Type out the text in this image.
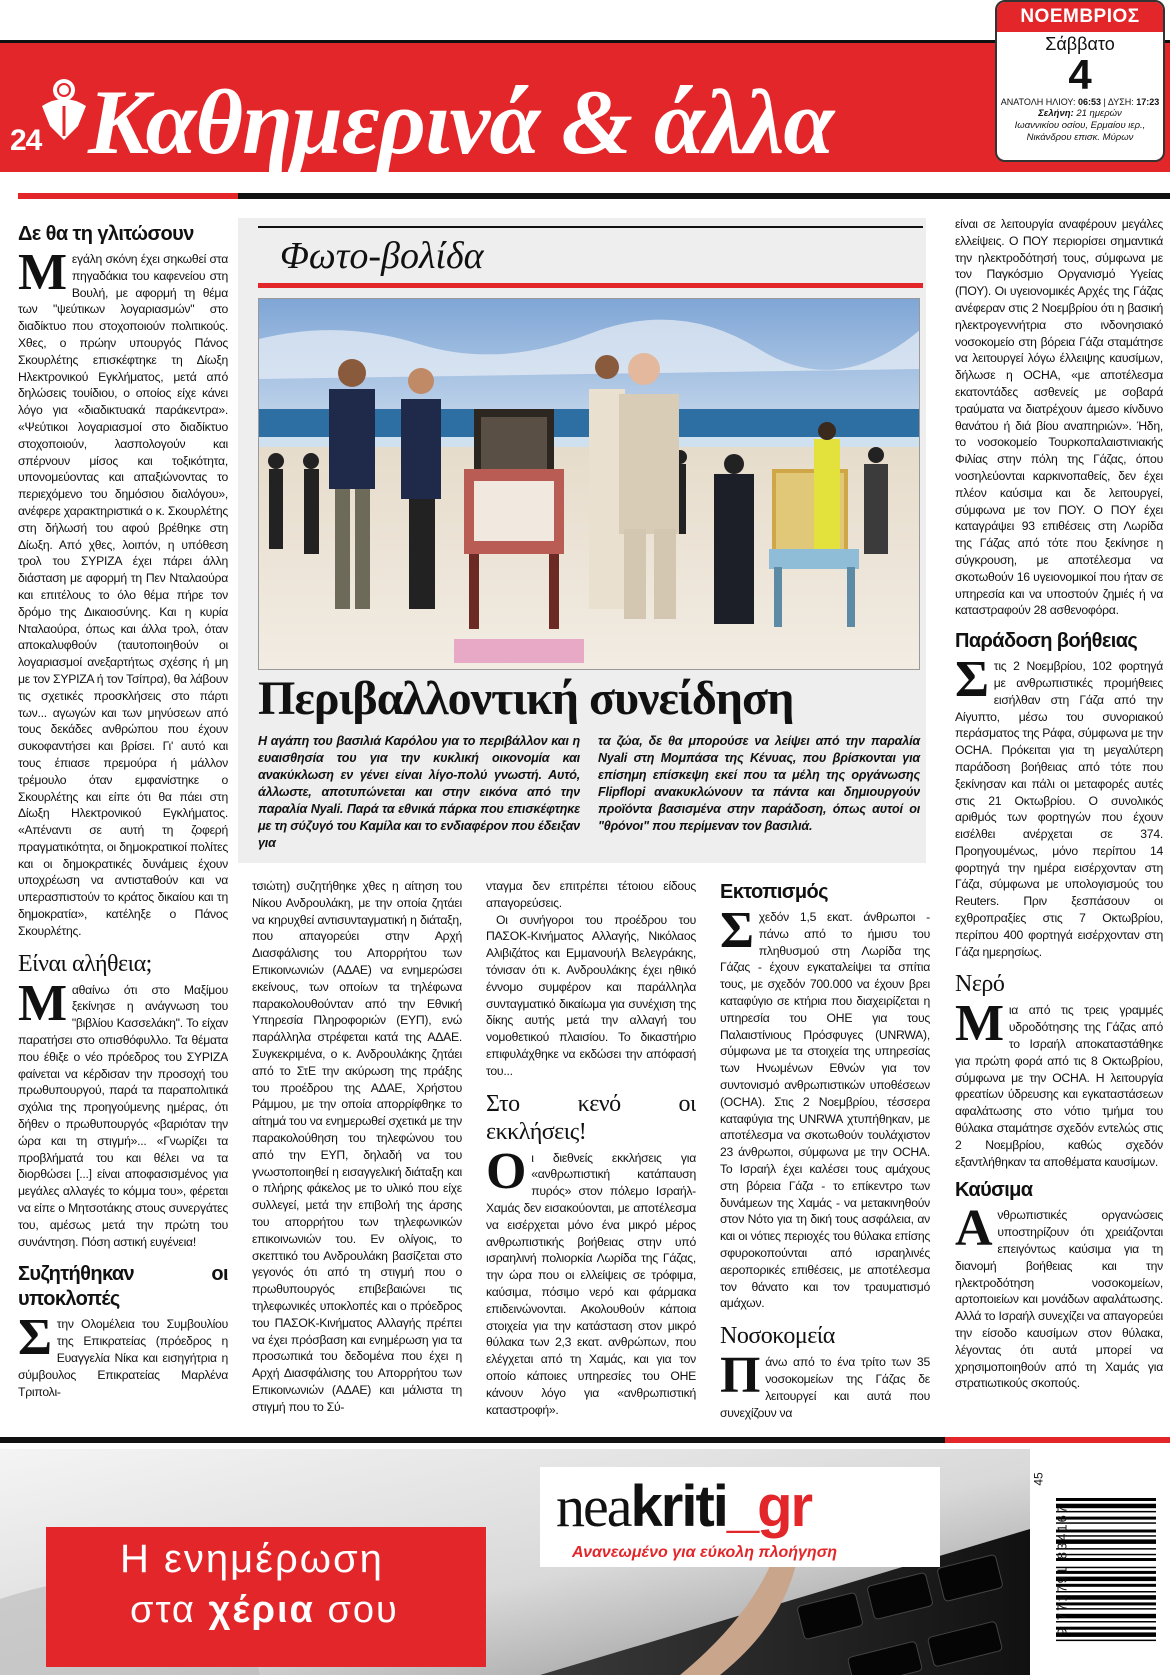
24 Καθημερινά & άλλα
ΝΟΕΜΒΡΙΟΣ
Σάββατο
4
ΑΝΑΤΟΛΗ ΗΛΙΟΥ: 06:53 | ΔΥΣΗ: 17:23
Σελήνη: 21 ημερών
Ιωαννικίου οσίου, Ερμαίου ιερ., Νικάνδρου επισκ. Μύρων
Δε θα τη γλιτώσουν

Μεγάλη σκόνη έχει σηκωθεί στα πηγαδάκια του καφενείου στη Βουλή, με αφορμή τη θέμα των "ψεύτικων λογαριασμών" στο διαδίκτυο που στοχοποιούν πολιτικούς. Χθες, ο πρώην υπουργός Πάνος Σκουρλέτης επισκέφτηκε τη Δίωξη Ηλεκτρονικού Εγκλήματος, μετά από δηλώσεις τουίδιου, ο οποίος είχε κάνει λόγο για «διαδικτυακά παράκεντρα». «Ψεύτικοι λογαριασμοί στο διαδίκτυο στοχοποιούν, λασπολογούν και σπέρνουν μίσος και τοξικότητα, υπονομεύοντας και απαξιώνοντας το περιεχόμενο του δημόσιου διαλόγου», ανέφερε χαρακτηριστικά ο κ. Σκουρλέτης στη δήλωσή του αφού βρέθηκε στη Δίωξη. Από χθες, λοιπόν, η υπόθεση τρολ του ΣΥΡΙΖΑ έχει πάρει άλλη διάσταση με αφορμή τη Πεν Νταλαούρα και επιτέλους το όλο θέμα πήρε τον δρόμο της Δικαιοσύνης. Και η κυρία Νταλαούρα, όπως και άλλα τρολ, όταν αποκαλυφθούν (ταυτοποιηθούν οι λογαριασμοί ανεξαρτήτως σχέσης ή μη με τον ΣΥΡΙΖΑ ή τον Τσίπρα), θα λάβουν τις σχετικές προσκλήσεις στο πάρτι των... αγωγών και των μηνύσεων από τους δεκάδες ανθρώπου που έχουν συκοφαντήσει και βρίσει. Γι' αυτό και τους έπιασε πρεμούρα ή μάλλον τρέμουλο όταν εμφανίστηκε ο Σκουρλέτης και είπε ότι θα πάει στη Δίωξη Ηλεκτρονικού Εγκλήματος. «Απέναντι σε αυτή τη ζοφερή πραγματικότητα, οι δημοκρατικοί πολίτες και οι δημοκρατικές δυνάμεις έχουν υποχρέωση να αντισταθούν και να υπερασπιστούν το κράτος δικαίου και τη δημοκρατία», κατέληξε ο Πάνος Σκουρλέτης.

Είναι αλήθεια;

Μαθαίνω ότι στο Μαξίμου ξεκίνησε η ανάγνωση του "βιβλίου Κασσελάκη". Το είχαν παρατήσει στο οπισθόφυλλο. Τα θέματα που έθιξε ο νέο πρόεδρος του ΣΥΡΙΖΑ φαίνεται να κέρδισαν την προσοχή του πρωθυπουργού, παρά τα παραπολιτικά σχόλια της προηγούμενης ημέρας, ότι δήθεν ο πρωθυπουργός «βαριόταν την ώρα και τη στιγμή»... «Γνωρίζει τα προβλήματά του και θέλει να τα διορθώσει [...] είναι αποφασισμένος για μεγάλες αλλαγές το κόμμα του», φέρεται να είπε ο Μητσοτάκης στους συνεργάτες του, αμέσως μετά την πρώτη του συνάντηση. Πόση αστική ευγένεια!

Συζητήθηκαν οι υποκλοπές

Στην Ολομέλεια του Συμβουλίου της Επικρατείας (πρόεδρος η Ευαγγελία Νίκα και εισηγήτρια η σύμβουλος Επικρατείας Μαρλένα Τριπολι-

Φωτο-βολίδα
Περιβαλλοντική συνείδηση
Η αγάπη του βασιλιά Καρόλου για το περιβάλλον και η ευαισθησία του για την κυκλική οικονομία και ανακύκλωση εν γένει είναι λίγο-πολύ γνωστή. Αυτό, άλλωστε, αποτυπώνεται και στην εικόνα από την παραλία Nyali. Παρά τα εθνικά πάρκα που επισκέφτηκε με τη σύζυγό του Καμίλα και το ενδιαφέρον που έδειξαν για
τα ζώα, δε θα μπορούσε να λείψει από την παραλία Nyali στη Μομπάσα της Κένυας, που βρίσκονται για επίσημη επίσκεψη εκεί που τα μέλη της οργάνωσης Flipflopi ανακυκλώνουν τα πάντα και δημιουργούν προϊόντα βασισμένα στην παράδοση, όπως αυτοί οι "θρόνοι" που περίμεναν τον βασιλιά.

τσιώτη) συζητήθηκε χθες η αίτηση του Νίκου Ανδρουλάκη, με την οποία ζητάει να κηρυχθεί αντισυνταγματική η διάταξη, που απαγορεύει στην Αρχή Διασφάλισης του Απορρήτου των Επικοινωνιών (ΑΔΑΕ) να ενημερώσει εκείνους, των οποίων τα τηλέφωνα παρακολουθούνταν από την Εθνική Υπηρεσία Πληροφοριών (ΕΥΠ), ενώ παράλληλα στρέφεται κατά της ΑΔΑΕ. Συγκεκριμένα, ο κ. Ανδρουλάκης ζητάει από το ΣτΕ την ακύρωση της πράξης του προέδρου της ΑΔΑΕ, Χρήστου Ράμμου, με την οποία απορρίφθηκε το αίτημά του να ενημερωθεί σχετικά με την παρακολούθηση του τηλεφώνου του από την ΕΥΠ, δηλαδή να του γνωστοποιηθεί η εισαγγελική διάταξη και ο πλήρης φάκελος με το υλικό που είχε συλλεγεί, μετά την επιβολή της άρσης του απορρήτου των τηλεφωνικών επικοινωνιών του. Εν ολίγοις, το σκεπτικό του Ανδρουλάκη βασίζεται στο γεγονός ότι από τη στιγμή που ο πρωθυπουργός επιβεβαιώνει τις τηλεφωνικές υποκλοπές και ο πρόεδρος του ΠΑΣΟΚ-Κινήματος Αλλαγής πρέπει να έχει πρόσβαση και ενημέρωση για τα προσωπικά του δεδομένα που έχει η Αρχή Διασφάλισης του Απορρήτου των Επικοινωνιών (ΑΔΑΕ) και μάλιστα τη στιγμή που το Σύ-

νταγμα δεν επιτρέπει τέτοιου είδους απαγορεύσεις.

Οι συνήγοροι του προέδρου του ΠΑΣΟΚ-Κινήματος Αλλαγής, Νικόλαος Αλιβιζάτος και Εμμανουήλ Βελεγράκης, τόνισαν ότι κ. Ανδρουλάκης έχει ηθικό έννομο συμφέρον και παράλληλα συνταγματικό δικαίωμα για συνέχιση της δίκης αυτής μετά την αλλαγή του νομοθετικού πλαισίου. Το δικαστήριο επιφυλάχθηκε να εκδώσει την απόφασή του...

Στο κενό οι εκκλήσεις!

Οι διεθνείς εκκλήσεις για «ανθρωπιστική κατάπαυση πυρός» στον πόλεμο Ισραήλ-Χαμάς δεν εισακούονται, με αποτέλεσμα να εισέρχεται μόνο ένα μικρό μέρος ανθρωπιστικής βοήθειας στην υπό ισραηλινή πολιορκία Λωρίδα της Γάζας, την ώρα που οι ελλείψεις σε τρόφιμα, καύσιμα, πόσιμο νερό και φάρμακα επιδεινώνονται. Ακολουθούν κάποια στοιχεία για την κατάσταση στον μικρό θύλακα των 2,3 εκατ. ανθρώπων, που ελέγχεται από τη Χαμάς, και για τον οποίο κάποιες υπηρεσίες του ΟΗΕ κάνουν λόγο για «ανθρωπιστική καταστροφή».

Εκτοπισμός

Σχεδόν 1,5 εκατ. άνθρωποι - πάνω από το ήμισυ του πληθυσμού στη Λωρίδα της Γάζας - έχουν εγκαταλείψει τα σπίτια τους, με σχεδόν 700.000 να έχουν βρει καταφύγιο σε κτήρια που διαχειρίζεται η υπηρεσία του ΟΗΕ για τους Παλαιστίνιους Πρόσφυγες (UNRWA), σύμφωνα με τα στοιχεία της υπηρεσίας των Ηνωμένων Εθνών για τον συντονισμό ανθρωπιστικών υποθέσεων (OCHA). Στις 2 Νοεμβρίου, τέσσερα καταφύγια της UNRWA χτυπήθηκαν, με αποτέλεσμα να σκοτωθούν τουλάχιστον 23 άνθρωποι, σύμφωνα με την OCHA. Το Ισραήλ έχει καλέσει τους αμάχους στη βόρεια Γάζα - το επίκεντρο των δυνάμεων της Χαμάς - να μετακινηθούν στον Νότο για τη δική τους ασφάλεια, αν και οι νότιες περιοχές του θύλακα επίσης σφυροκοπούνται από ισραηλινές αεροπορικές επιθέσεις, με αποτέλεσμα τον θάνατο και τον τραυματισμό αμάχων.

Νοσοκομεία

Πάνω από το ένα τρίτο των 35 νοσοκομείων της Γάζας δε λειτουργεί και αυτά που συνεχίζουν να

είναι σε λειτουργία αναφέρουν μεγάλες ελλείψεις. Ο ΠΟΥ περιορίσει σημαντικά την ηλεκτροδότησή τους, σύμφωνα με τον Παγκόσμιο Οργανισμό Υγείας (ΠΟΥ). Οι υγειονομικές Αρχές της Γάζας ανέφεραν στις 2 Νοεμβρίου ότι η βασική ηλεκτρογεννήτρια στο ινδονησιακό νοσοκομείο στη βόρεια Γάζα σταμάτησε να λειτουργεί λόγω έλλειψης καυσίμων, δήλωσε η OCHA, «με αποτέλεσμα εκατοντάδες ασθενείς με σοβαρά τραύματα να διατρέχουν άμεσο κίνδυνο θανάτου ή διά βίου αναπηριών». Ήδη, το νοσοκομείο Τουρκοπαλαιστινιακής Φιλίας στην πόλη της Γάζας, όπου νοσηλεύονται καρκινοπαθείς, δεν έχει πλέον καύσιμα και δε λειτουργεί, σύμφωνα με τον ΠΟΥ. Ο ΠΟΥ έχει καταγράψει 93 επιθέσεις στη Λωρίδα της Γάζας από τότε που ξεκίνησε η σύγκρουση, με αποτέλεσμα να σκοτωθούν 16 υγειονομικοί που ήταν σε υπηρεσία και να υποστούν ζημιές ή να καταστραφούν 28 ασθενοφόρα.

Παράδοση βοήθειας

Στις 2 Νοεμβρίου, 102 φορτηγά με ανθρωπιστικές προμήθειες εισήλθαν στη Γάζα από την Αίγυπτο, μέσω του συνοριακού περάσματος της Ράφα, σύμφωνα με την OCHA. Πρόκειται για τη μεγαλύτερη παράδοση βοήθειας από τότε που ξεκίνησαν και πάλι οι μεταφορές αυτές στις 21 Οκτωβρίου. Ο συνολικός αριθμός των φορτηγών που έχουν εισέλθει ανέρχεται σε 374. Προηγουμένως, μόνο περίπου 14 φορτηγά την ημέρα εισέρχονταν στη Γάζα, σύμφωνα με υπολογισμούς του Reuters. Πριν ξεσπάσουν οι εχθροπραξίες στις 7 Οκτωβρίου, περίπου 400 φορτηγά εισέρχονταν στη Γάζα ημερησίως.

Νερό

Μια από τις τρεις γραμμές υδροδότησης της Γάζας από το Ισραήλ αποκαταστάθηκε για πρώτη φορά από τις 8 Οκτωβρίου, σύμφωνα με την OCHA. Η λειτουργία φρεατίων ύδρευσης και εγκαταστάσεων αφαλάτωσης στο νότιο τμήμα του θύλακα σταμάτησε σχεδόν εντελώς στις 2 Νοεμβρίου, καθώς σχεδόν εξαντλήθηκαν τα αποθέματα καυσίμων.

Καύσιμα

Ανθρωπιστικές οργανώσεις υποστηρίζουν ότι χρειάζονται επειγόντως καύσιμα για τη διανομή βοήθειας και την ηλεκτροδότηση νοσοκομείων, αρτοποιείων και μονάδων αφαλάτωσης. Αλλά το Ισραήλ συνεχίζει να απαγορεύει την είσοδο καυσίμων στον θύλακα, λέγοντας ότι αυτά μπορεί να χρησιμοποιηθούν από τη Χαμάς για στρατιωτικούς σκοπούς.

Η ενημέρωση
στα χέρια σου
neakriti_gr
Ανανεωμένο για εύκολη πλοήγηση	9 771791 834167
45
